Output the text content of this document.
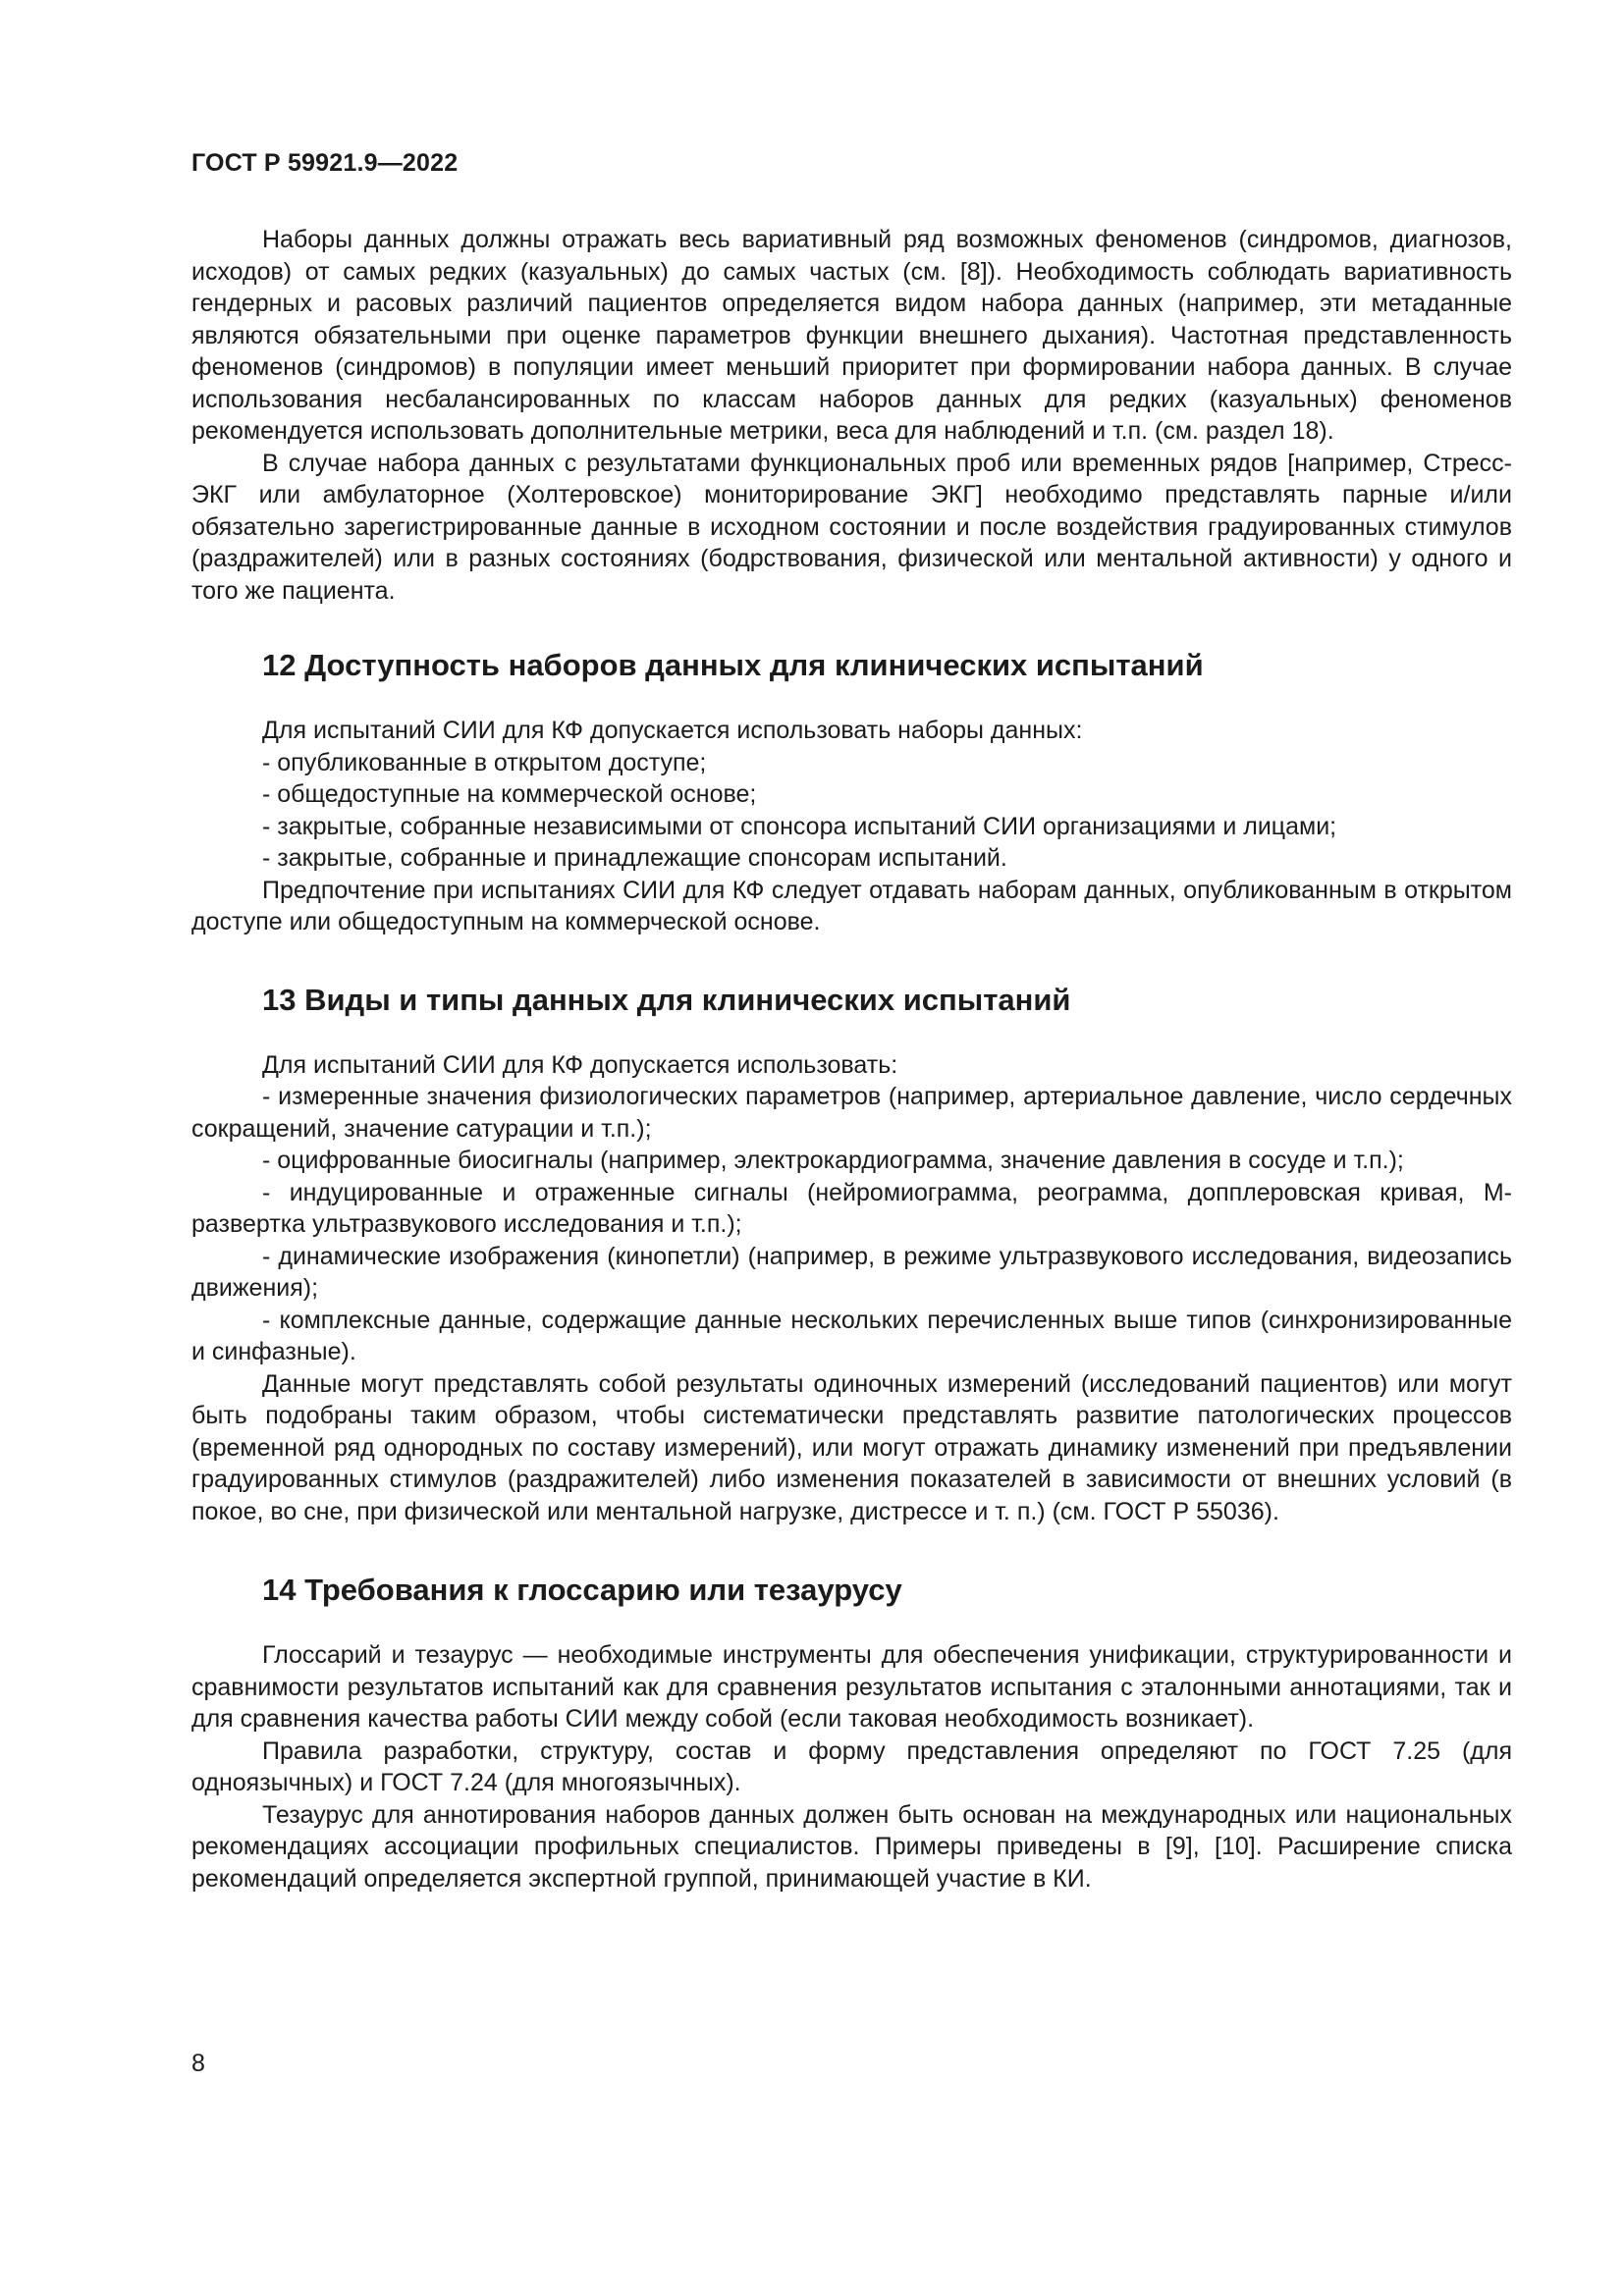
ГОСТ Р 59921.9—2022

Наборы данных должны отражать весь вариативный ряд возможных феноменов (синдромов, диагнозов, исходов) от самых редких (казуальных) до самых частых (см. [8]). Необходимость соблюдать вариативность гендерных и расовых различий пациентов определяется видом набора данных (например, эти метаданные являются обязательными при оценке параметров функции внешнего дыхания). Частотная представленность феноменов (синдромов) в популяции имеет меньший приоритет при формировании набора данных. В случае использования несбалансированных по классам наборов данных для редких (казуальных) феноменов рекомендуется использовать дополнительные метрики, веса для наблюдений и т.п. (см. раздел 18).

В случае набора данных с результатами функциональных проб или временных рядов [например, Стресс-ЭКГ или амбулаторное (Холтеровское) мониторирование ЭКГ] необходимо представлять парные и/или обязательно зарегистрированные данные в исходном состоянии и после воздействия градуированных стимулов (раздражителей) или в разных состояниях (бодрствования, физической или ментальной активности) у одного и того же пациента.

12 Доступность наборов данных для клинических испытаний

Для испытаний СИИ для КФ допускается использовать наборы данных:

- опубликованные в открытом доступе;
- общедоступные на коммерческой основе;
- закрытые, собранные независимыми от спонсора испытаний СИИ организациями и лицами;
- закрытые, собранные и принадлежащие спонсорам испытаний.

Предпочтение при испытаниях СИИ для КФ следует отдавать наборам данных, опубликованным в открытом доступе или общедоступным на коммерческой основе.

13 Виды и типы данных для клинических испытаний

Для испытаний СИИ для КФ допускается использовать:

- измеренные значения физиологических параметров (например, артериальное давление, число сердечных сокращений, значение сатурации и т.п.);
- оцифрованные биосигналы (например, электрокардиограмма, значение давления в сосуде и т.п.);
- индуцированные и отраженные сигналы (нейромиограмма, реограмма, допплеровская кривая, М-развертка ультразвукового исследования и т.п.);
- динамические изображения (кинопетли) (например, в режиме ультразвукового исследования, видеозапись движения);
- комплексные данные, содержащие данные нескольких перечисленных выше типов (синхронизированные и синфазные).

Данные могут представлять собой результаты одиночных измерений (исследований пациентов) или могут быть подобраны таким образом, чтобы систематически представлять развитие патологических процессов (временной ряд однородных по составу измерений), или могут отражать динамику изменений при предъявлении градуированных стимулов (раздражителей) либо изменения показателей в зависимости от внешних условий (в покое, во сне, при физической или ментальной нагрузке, дистрессе и т. п.) (см. ГОСТ Р 55036).

14 Требования к глоссарию или тезаурусу

Глоссарий и тезаурус — необходимые инструменты для обеспечения унификации, структурированности и сравнимости результатов испытаний как для сравнения результатов испытания с эталонными аннотациями, так и для сравнения качества работы СИИ между собой (если таковая необходимость возникает).

Правила разработки, структуру, состав и форму представления определяют по ГОСТ 7.25 (для одноязычных) и ГОСТ 7.24 (для многоязычных).

Тезаурус для аннотирования наборов данных должен быть основан на международных или национальных рекомендациях ассоциации профильных специалистов. Примеры приведены в [9], [10]. Расширение списка рекомендаций определяется экспертной группой, принимающей участие в КИ.

8
